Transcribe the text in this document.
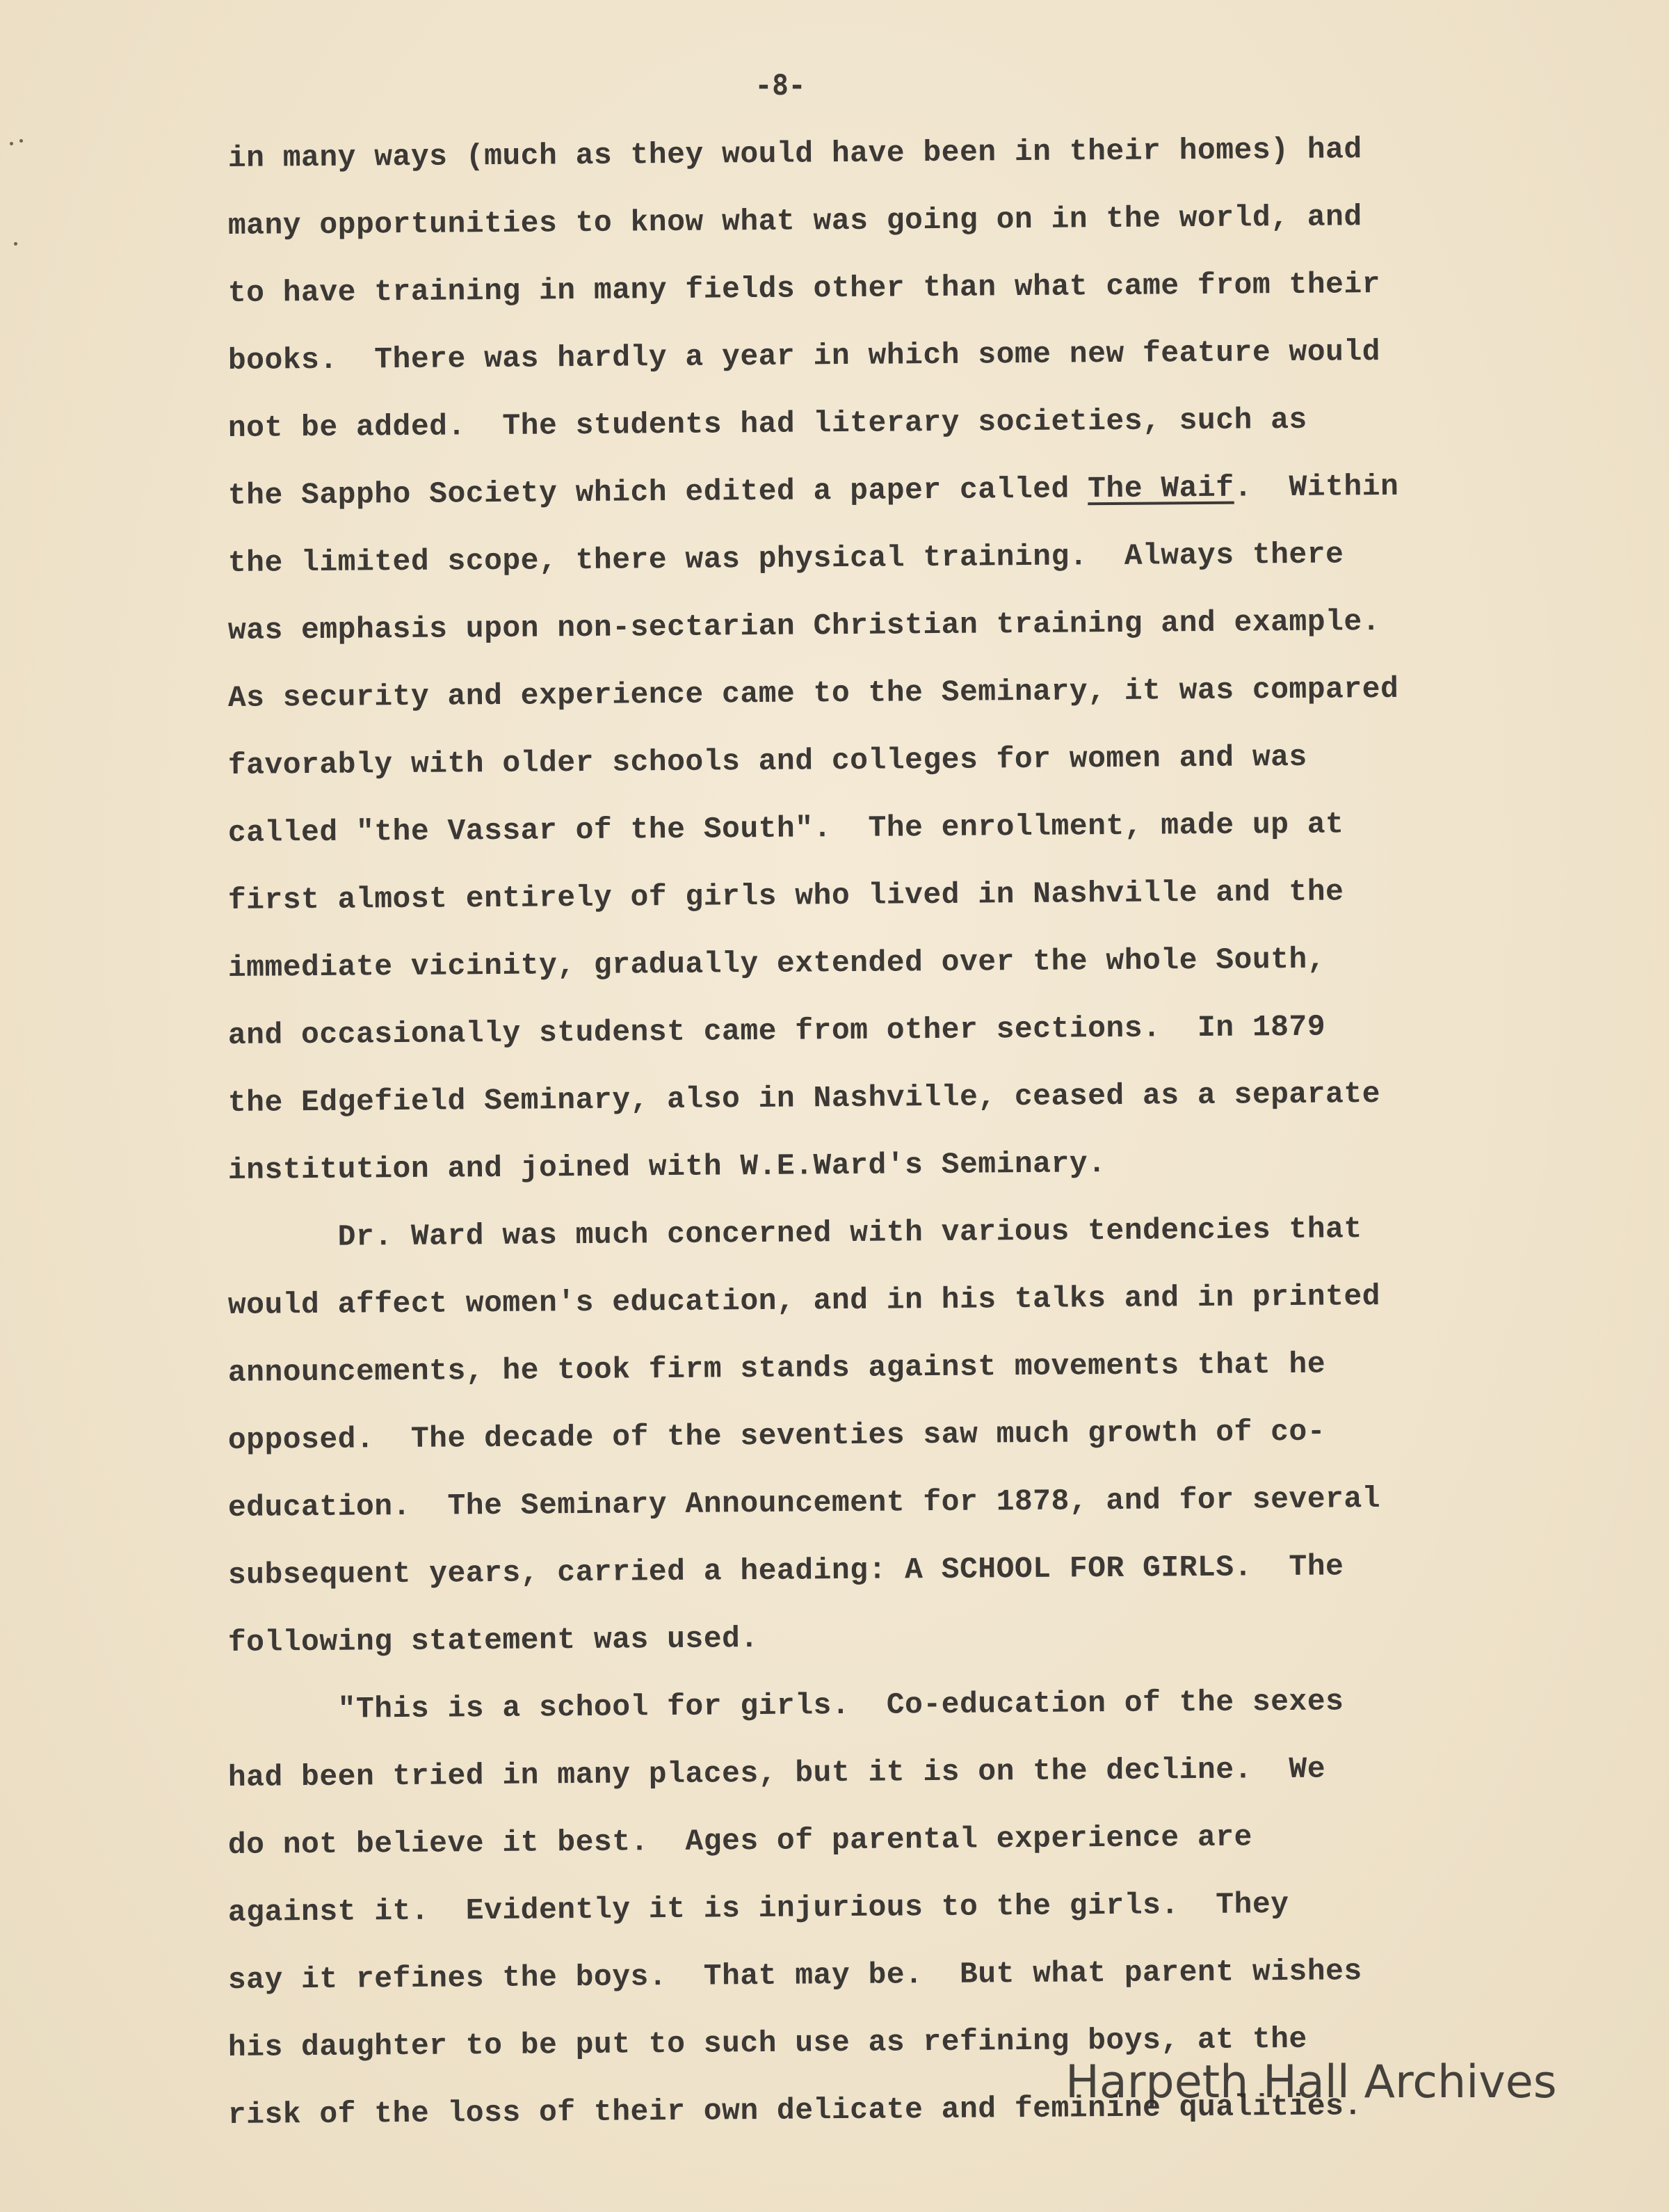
-8-
in many ways (much as they would have been in their homes) had
many opportunities to know what was going on in the world, and
to have training in many fields other than what came from their
books.  There was hardly a year in which some new feature would
not be added.  The students had literary societies, such as
the Sappho Society which edited a paper called The Waif.  Within
the limited scope, there was physical training.  Always there
was emphasis upon non-sectarian Christian training and example.
As security and experience came to the Seminary, it was compared
favorably with older schools and colleges for women and was
called "the Vassar of the South".  The enrollment, made up at
first almost entirely of girls who lived in Nashville and the
immediate vicinity, gradually extended over the whole South,
and occasionally studenst came from other sections.  In 1879
the Edgefield Seminary, also in Nashville, ceased as a separate
institution and joined with W.E.Ward's Seminary.
Dr. Ward was much concerned with various tendencies that
would affect women's education, and in his talks and in printed
announcements, he took firm stands against movements that he
opposed.  The decade of the seventies saw much growth of co-
education.  The Seminary Announcement for 1878, and for several
subsequent years, carried a heading: A SCHOOL FOR GIRLS.  The
following statement was used.
"This is a school for girls.  Co-education of the sexes
had been tried in many places, but it is on the decline.  We
do not believe it best.  Ages of parental experience are
against it.  Evidently it is injurious to the girls.  They
say it refines the boys.  That may be.  But what parent wishes
his daughter to be put to such use as refining boys, at the
risk of the loss of their own delicate and feminine qualities.
Harpeth Hall Archives
